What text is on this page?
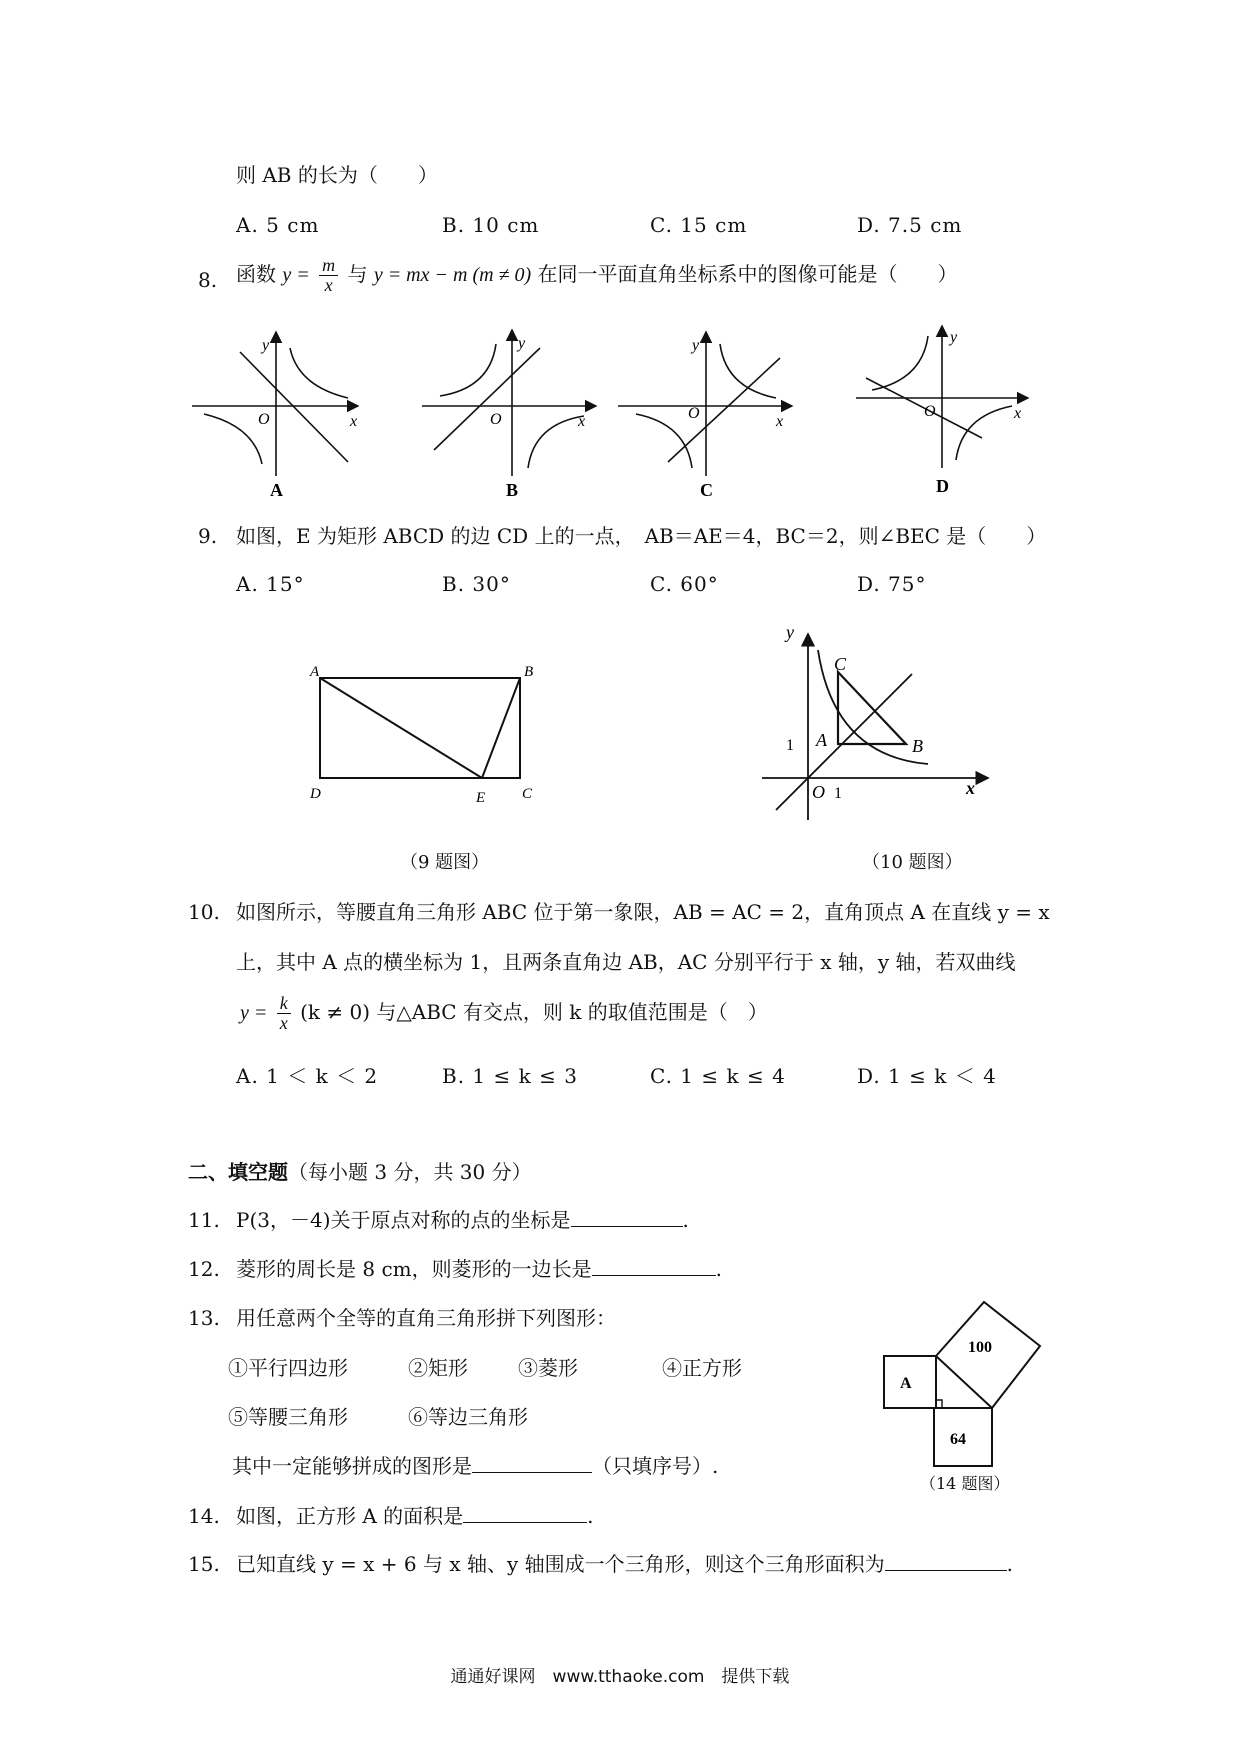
则 AB 的长为（　　）
A. 5 cm	B. 10 cm	C. 15 cm	D. 7.5 cm
8. 函数 $y = \frac{m}{x}$ 与 y = mx − m (m ≠ 0) 在同一平面直角坐标系中的图像可能是（　　）
y
x
O
A
y
x
O
B
y
x
O
C
y
x
O
D
9. 如图，E 为矩形 ABCD 的边 CD 上的一点，　AB＝AE＝4，BC＝2，则∠BEC 是（　　）
A. 15°	B. 30°	C. 60°	D. 75°
A	B
C
D	E
（9 题图）
y
x
O 1
1 A	B
C
（10 题图）
10. 如图所示，等腰直角三角形 ABC 位于第一象限，AB = AC = 2，直角顶点 A 在直线 y = x
上，其中 A 点的横坐标为 1，且两条直角边 AB，AC 分别平行于 x 轴，y 轴，若双曲线
$y = \frac{k}{x} (k \ne 0)$ 与△ABC 有交点，则 k 的取值范围是（　）
A. 1 ＜ k ＜ 2	B. 1 ≤ k ≤ 3	C. 1 ≤ k ≤ 4	D. 1 ≤ k ＜ 4
二、填空题（每小题 3 分，共 30 分）
11. P(3，－4)关于原点对称的点的坐标是	.
12. 菱形的周长是 8 cm，则菱形的一边长是	.
13. 用任意两个全等的直角三角形拼下列图形：
①平行四边形	②矩形	③菱形	④正方形
⑤等腰三角形	⑥等边三角形
其中一定能够拼成的图形是	（只填序号）.
A
100
64
（14 题图）
14. 如图，正方形 A 的面积是	.
15. 已知直线 y = x + 6 与 x 轴、y 轴围成一个三角形，则这个三角形面积为	.
通通好课网　www.tthaoke.com　提供下载
